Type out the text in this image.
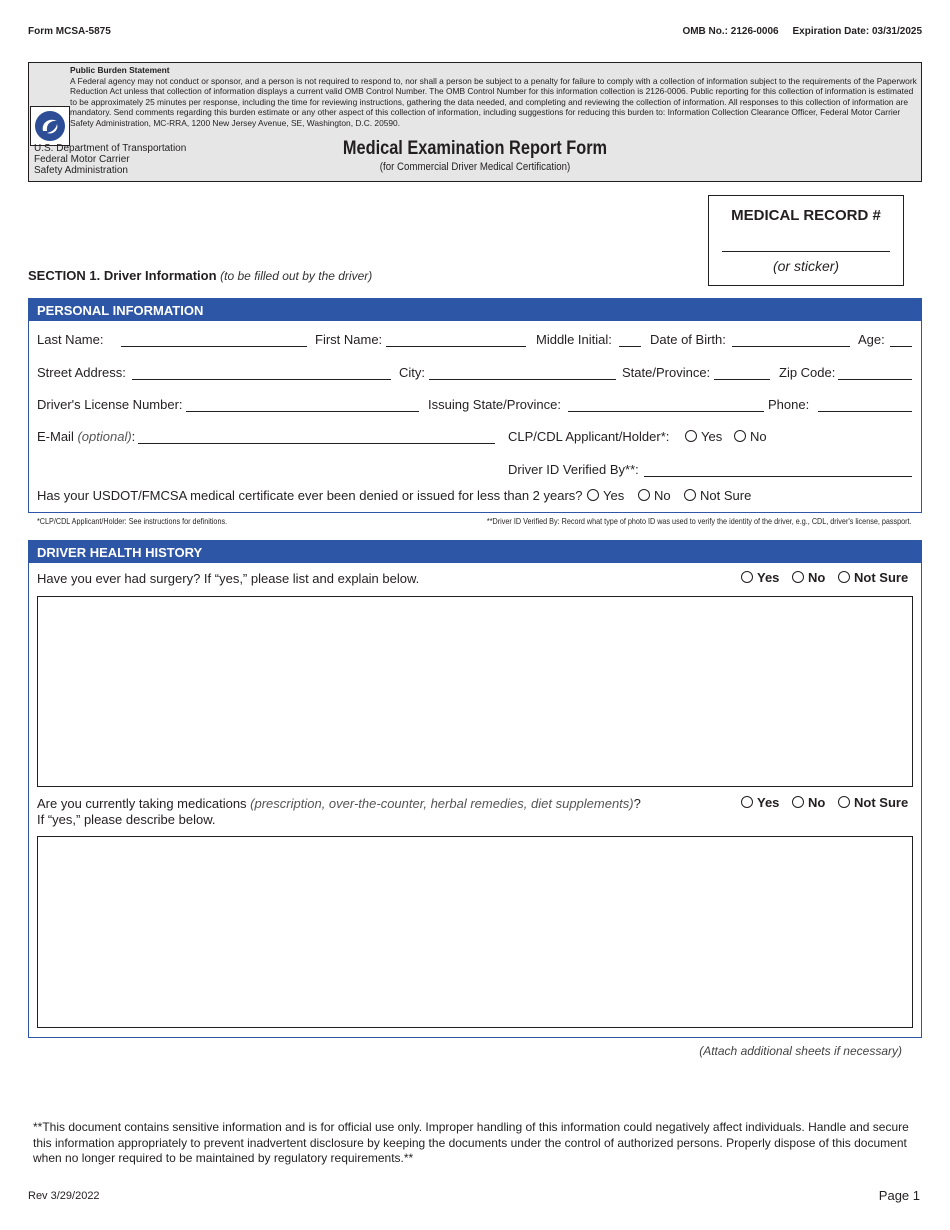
Form MCSA-5875	OMB No.: 2126-0006     Expiration Date: 03/31/2025
Public Burden Statement
A Federal agency may not conduct or sponsor, and a person is not required to respond to, nor shall a person be subject to a penalty for failure to comply with a collection of information subject to the requirements of the Paperwork Reduction Act unless that collection of information displays a current valid OMB Control Number. The OMB Control Number for this information collection is 2126-0006. Public reporting for this collection of information is estimated to be approximately 25 minutes per response, including the time for reviewing instructions, gathering the data needed, and completing and reviewing the collection of information. All responses to this collection of information are mandatory. Send comments regarding this burden estimate or any other aspect of this collection of information, including suggestions for reducing this burden to: Information Collection Clearance Officer, Federal Motor Carrier Safety Administration, MC-RRA, 1200 New Jersey Avenue, SE, Washington, D.C. 20590.
U.S. Department of Transportation
Federal Motor Carrier
Safety Administration
Medical Examination Report Form
(for Commercial Driver Medical Certification)
MEDICAL RECORD #
(or sticker)
SECTION 1. Driver Information (to be filled out by the driver)
PERSONAL INFORMATION
Last Name:	First Name:	Middle Initial:	Date of Birth:	Age:
Street Address:	City:	State/Province:	Zip Code:
Driver's License Number:	Issuing State/Province:	Phone:
E-Mail (optional):	CLP/CDL Applicant/Holder*:	Yes	No
Driver ID Verified By**:
Has your USDOT/FMCSA medical certificate ever been denied or issued for less than 2 years?	Yes	No	Not Sure
*CLP/CDL Applicant/Holder: See instructions for definitions.	**Driver ID Verified By: Record what type of photo ID was used to verify the identity of the driver, e.g., CDL, driver's license, passport.
DRIVER HEALTH HISTORY
Have you ever had surgery? If “yes,” please list and explain below.	Yes	No	Not Sure
Are you currently taking medications (prescription, over-the-counter, herbal remedies, diet supplements)?
If “yes,” please describe below.
Yes	No	Not Sure
(Attach additional sheets if necessary)
**This document contains sensitive information and is for official use only. Improper handling of this information could negatively affect individuals. Handle and secure this information appropriately to prevent inadvertent disclosure by keeping the documents under the control of authorized persons. Properly dispose of this document when no longer required to be maintained by regulatory requirements.**
Rev 3/29/2022	Page 1
